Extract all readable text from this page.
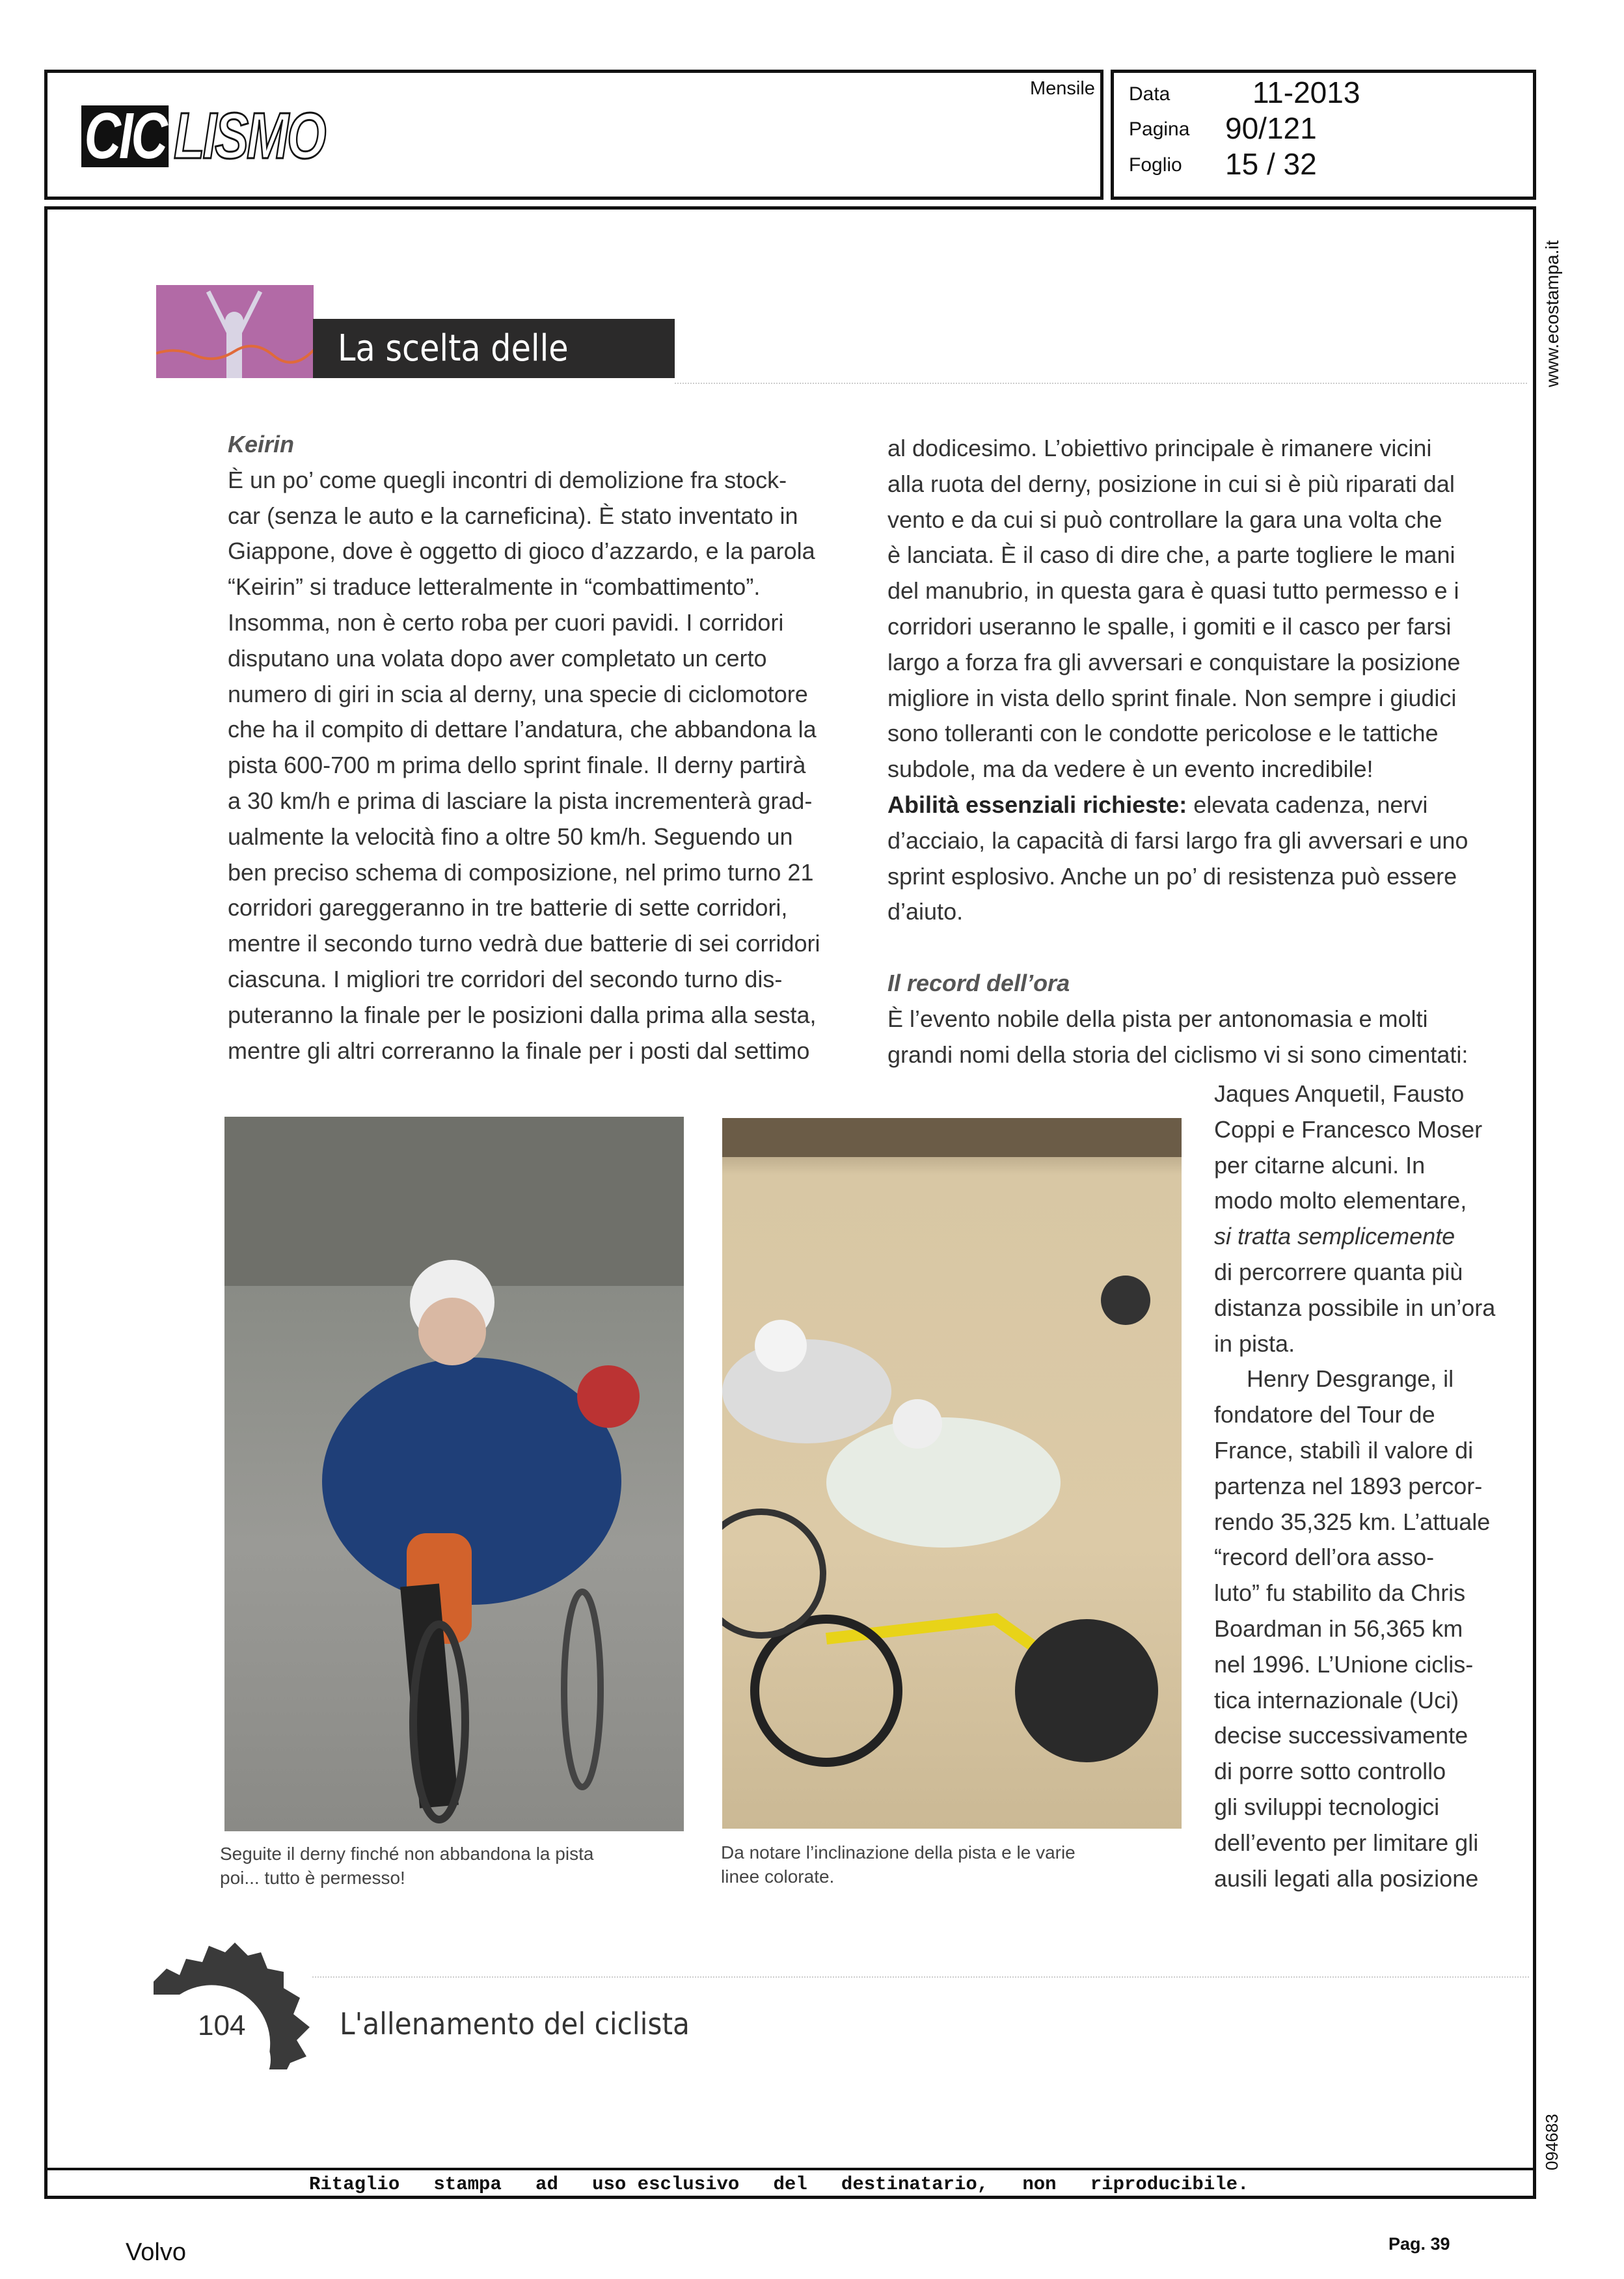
CIC LISMO
Mensile Data	11-2013
Pagina 90/121
Foglio 15 / 32
Ritaglio   stampa   ad   uso esclusivo   del   destinatario,   non   riproducibile.
www.ecostampa.it
094683
La scelta delle gare
Keirin
È un po’ come quegli incontri di demolizione fra stock-
car (senza le auto e la carneficina). È stato inventato in
Giappone, dove è oggetto di gioco d’azzardo, e la parola
“Keirin” si traduce letteralmente in “combattimento”.
Insomma, non è certo roba per cuori pavidi. I corridori
disputano una volata dopo aver completato un certo
numero di giri in scia al derny, una specie di ciclomotore
che ha il compito di dettare l’andatura, che abbandona la
pista 600-700 m prima dello sprint finale. Il derny partirà
a 30 km/h e prima di lasciare la pista incrementerà grad-
ualmente la velocità fino a oltre 50 km/h. Seguendo un
ben preciso schema di composizione, nel primo turno 21
corridori gareggeranno in tre batterie di sette corridori,
mentre il secondo turno vedrà due batterie di sei corridori
ciascuna. I migliori tre corridori del secondo turno dis-
puteranno la finale per le posizioni dalla prima alla sesta,
mentre gli altri correranno la finale per i posti dal settimo
al dodicesimo. L’obiettivo principale è rimanere vicini
alla ruota del derny, posizione in cui si è più riparati dal
vento e da cui si può controllare la gara una volta che
è lanciata. È il caso di dire che, a parte togliere le mani
del manubrio, in questa gara è quasi tutto permesso e i
corridori useranno le spalle, i gomiti e il casco per farsi
largo a forza fra gli avversari e conquistare la posizione
migliore in vista dello sprint finale. Non sempre i giudici
sono tolleranti con le condotte pericolose e le tattiche
subdole, ma da vedere è un evento incredibile!
Abilità essenziali richieste: elevata cadenza, nervi
d’acciaio, la capacità di farsi largo fra gli avversari e uno
sprint esplosivo. Anche un po’ di resistenza può essere
d’aiuto.
Il record dell’ora
È l’evento nobile della pista per antonomasia e molti
grandi nomi della storia del ciclismo vi si sono cimentati:
Jaques Anquetil, Fausto
Coppi e Francesco Moser
per citarne alcuni. In
modo molto elementare,
si tratta semplicemente
di percorrere quanta più
distanza possibile in un’ora
in pista.
Henry Desgrange, il
fondatore del Tour de
France, stabilì il valore di
partenza nel 1893 percor-
rendo 35,325 km. L’attuale
“record dell’ora asso-
luto” fu stabilito da Chris
Boardman in 56,365 km
nel 1996. L’Unione ciclis-
tica internazionale (Uci)
decise successivamente
di porre sotto controllo
gli sviluppi tecnologici
dell’evento per limitare gli
ausili legati alla posizione
Seguite il derny finché non abbandona la pista
poi... tutto è permesso!
Da notare l’inclinazione della pista e le varie
linee colorate.
104	L'allenamento del ciclista
Volvo	Pag. 39
